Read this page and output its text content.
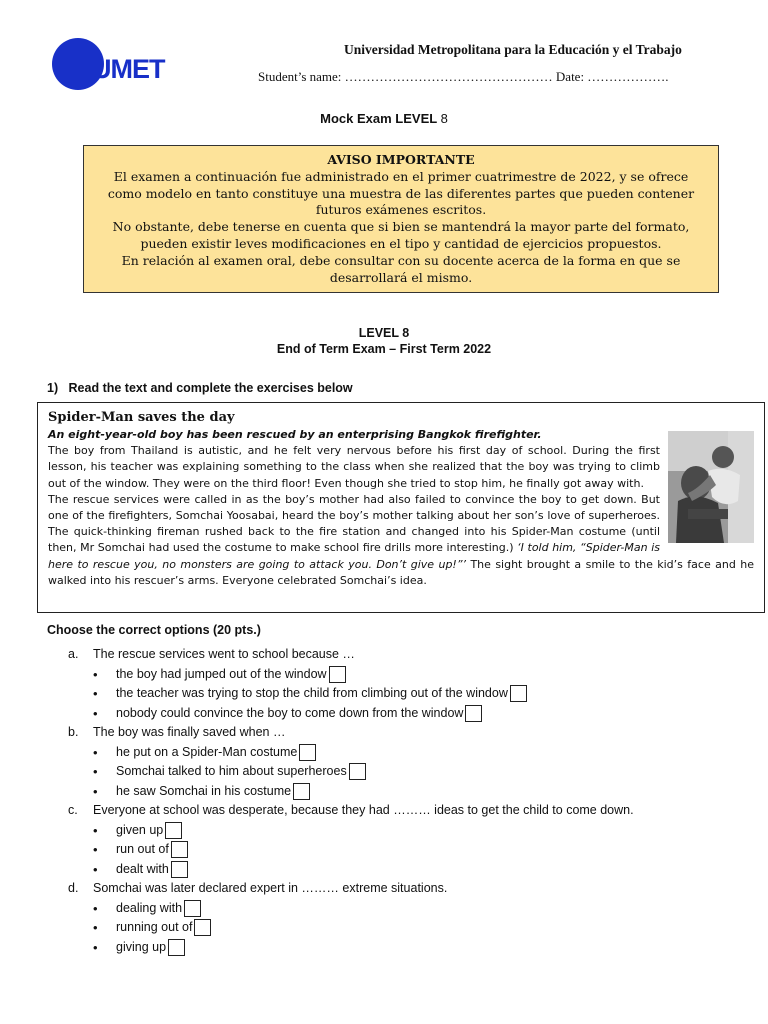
UMET
Universidad Metropolitana para la Educación y el Trabajo
Student’s name: ………………………………………… Date: ……………….
Mock Exam LEVEL 8
AVISO IMPORTANTE
El examen a continuación fue administrado en el primer cuatrimestre de 2022, y se ofrece
como modelo en tanto constituye una muestra de las diferentes partes que pueden contener
futuros exámenes escritos.
No obstante, debe tenerse en cuenta que si bien se mantendrá la mayor parte del formato,
pueden existir leves modificaciones en el tipo y cantidad de ejercicios propuestos.
En relación al examen oral, debe consultar con su docente acerca de la forma en que se
desarrollará el mismo.
LEVEL 8
End of Term Exam – First Term 2022
1)   Read the text and complete the exercises below
Spider-Man saves the day
An eight-year-old boy has been rescued by an enterprising Bangkok firefighter.

The boy from Thailand is autistic, and he felt very nervous before his first day of school. During the first lesson, his teacher was explaining something to the class when she realized that the boy was trying to climb out of the window. They were on the third floor! Even though she tried to stop him, he finally got away with.

The rescue services were called in as the boy’s mother had also failed to convince the boy to get down. But one of the firefighters, Somchai Yoosabai, heard the boy’s mother talking about her son’s love of superheroes. The quick-thinking fireman rushed back to the fire station and changed into his Spider-Man costume (until then, Mr Somchai had used the costume to make school fire drills more interesting.) ‘I told him, “Spider-Man is here to rescue you, no monsters are going to attack you. Don’t give up!”’ The sight brought a smile to the kid’s face and he walked into his rescuer’s arms. Everyone celebrated Somchai’s idea.

Choose the correct options (20 pts.)
a.	The rescue services went to school because …
•	the boy had jumped out of the window
•	the teacher was trying to stop the child from climbing out of the window
•	nobody could convince the boy to come down from the window
b.	The boy was finally saved when …
•	he put on a Spider-Man costume
•	Somchai talked to him about superheroes
•	he saw Somchai in his costume
c.	Everyone at school was desperate, because they had ……… ideas to get the child to come down.
•	given up
•	run out of
•	dealt with
d.	Somchai was later declared expert in ……… extreme situations.
•	dealing with
•	running out of
•	giving up
